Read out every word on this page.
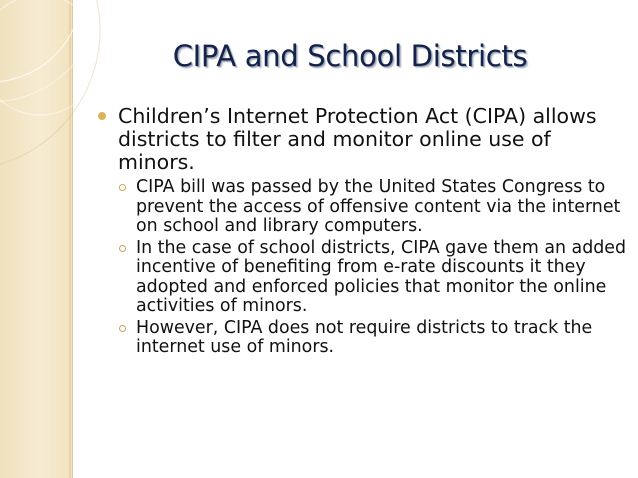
CIPA and School Districts
Children’s Internet Protection Act (CIPA) allows districts to filter and monitor online use of minors.
CIPA bill was passed by the United States Congress to prevent the access of offensive content via the internet on school and library computers.
In the case of school districts, CIPA gave them an added incentive of benefiting from e-rate discounts it they adopted and enforced policies that monitor the online activities of minors.
However, CIPA does not require districts to track the internet use of minors.
